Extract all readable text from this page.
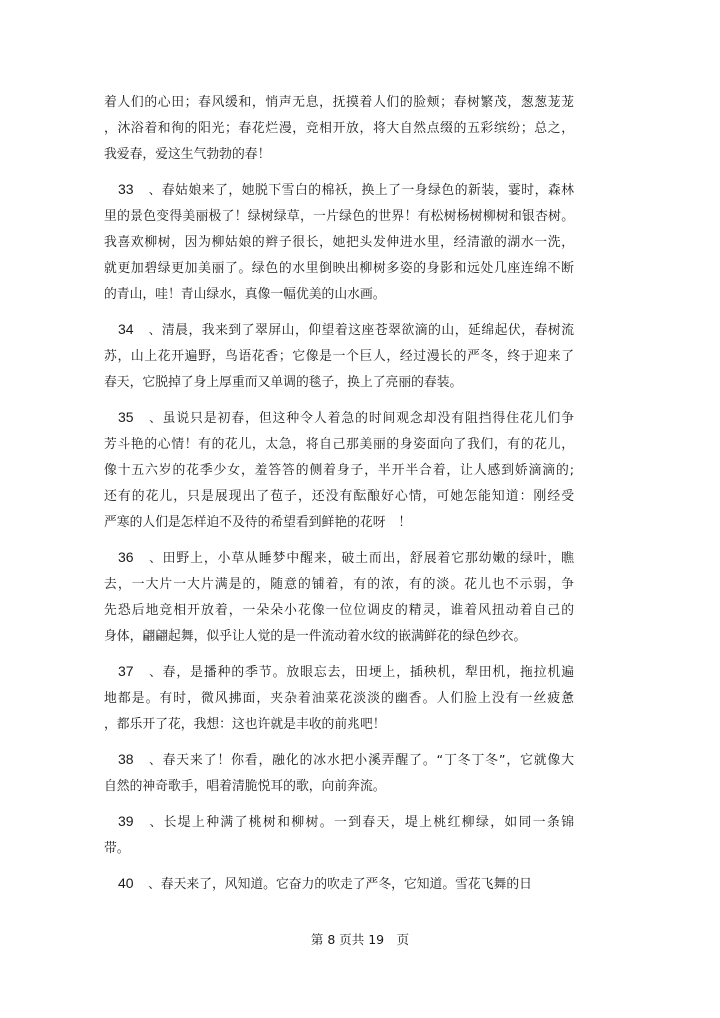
着人们的心田；春风缓和，悄声无息，抚摸着人们的脸颊；春树繁茂，葱葱茏茏
，沐浴着和徇的阳光；春花烂漫，竞相开放，将大自然点缀的五彩缤纷；总之，
我爱春，爱这生气勃勃的春！
33 、春姑娘来了，她脱下雪白的棉袄，换上了一身绿色的新装，霎时，森林
里的景色变得美丽极了！绿树绿草，一片绿色的世界！有松树杨树柳树和银杏树。
我喜欢柳树，因为柳姑娘的辫子很长，她把头发伸进水里，经清澈的湖水一洗，
就更加碧绿更加美丽了。绿色的水里倒映出柳树多姿的身影和远处几座连绵不断
的青山，哇！青山绿水，真像一幅优美的山水画。
34 、清晨，我来到了翠屏山，仰望着这座苍翠欲滴的山，延绵起伏，春树流
苏，山上花开遍野，鸟语花香；它像是一个巨人，经过漫长的严冬，终于迎来了
春天，它脱掉了身上厚重而又单调的毯子，换上了亮丽的春装。
35 、虽说只是初春，但这种令人着急的时间观念却没有阻挡得住花儿们争
芳斗艳的心情！有的花儿，太急，将自己那美丽的身姿面向了我们，有的花儿，
像十五六岁的花季少女，羞答答的侧着身子，半开半合着，让人感到娇滴滴的;
还有的花儿，只是展现出了苞子，还没有酝酿好心情，可她怎能知道：刚经受
严寒的人们是怎样迫不及待的希望看到鲜艳的花呀　！
36 、田野上，小草从睡梦中醒来，破土而出，舒展着它那幼嫩的绿叶，瞧
去，一大片一大片满是的，随意的铺着，有的浓，有的淡。花儿也不示弱，争
先恐后地竞相开放着，一朵朵小花像一位位调皮的精灵，谁着风扭动着自己的
身体，翩翩起舞，似乎让人觉的是一件流动着水纹的嵌满鲜花的绿色纱衣。
37 、春，是播种的季节。放眼忘去，田埂上，插秧机，犁田机，拖拉机遍
地都是。有时，微风拂面，夹杂着油菜花淡淡的幽香。人们脸上没有一丝疲惫
，都乐开了花，我想：这也许就是丰收的前兆吧！
38 、春天来了！你看，融化的冰水把小溪弄醒了。“丁冬丁冬”，它就像大
自然的神奇歌手，唱着清脆悦耳的歌，向前奔流。
39 、长堤上种满了桃树和柳树。一到春天，堤上桃红柳绿，如同一条锦
带。
40 、春天来了，风知道。它奋力的吹走了严冬，它知道。雪花飞舞的日
第 8 页共 19　页
